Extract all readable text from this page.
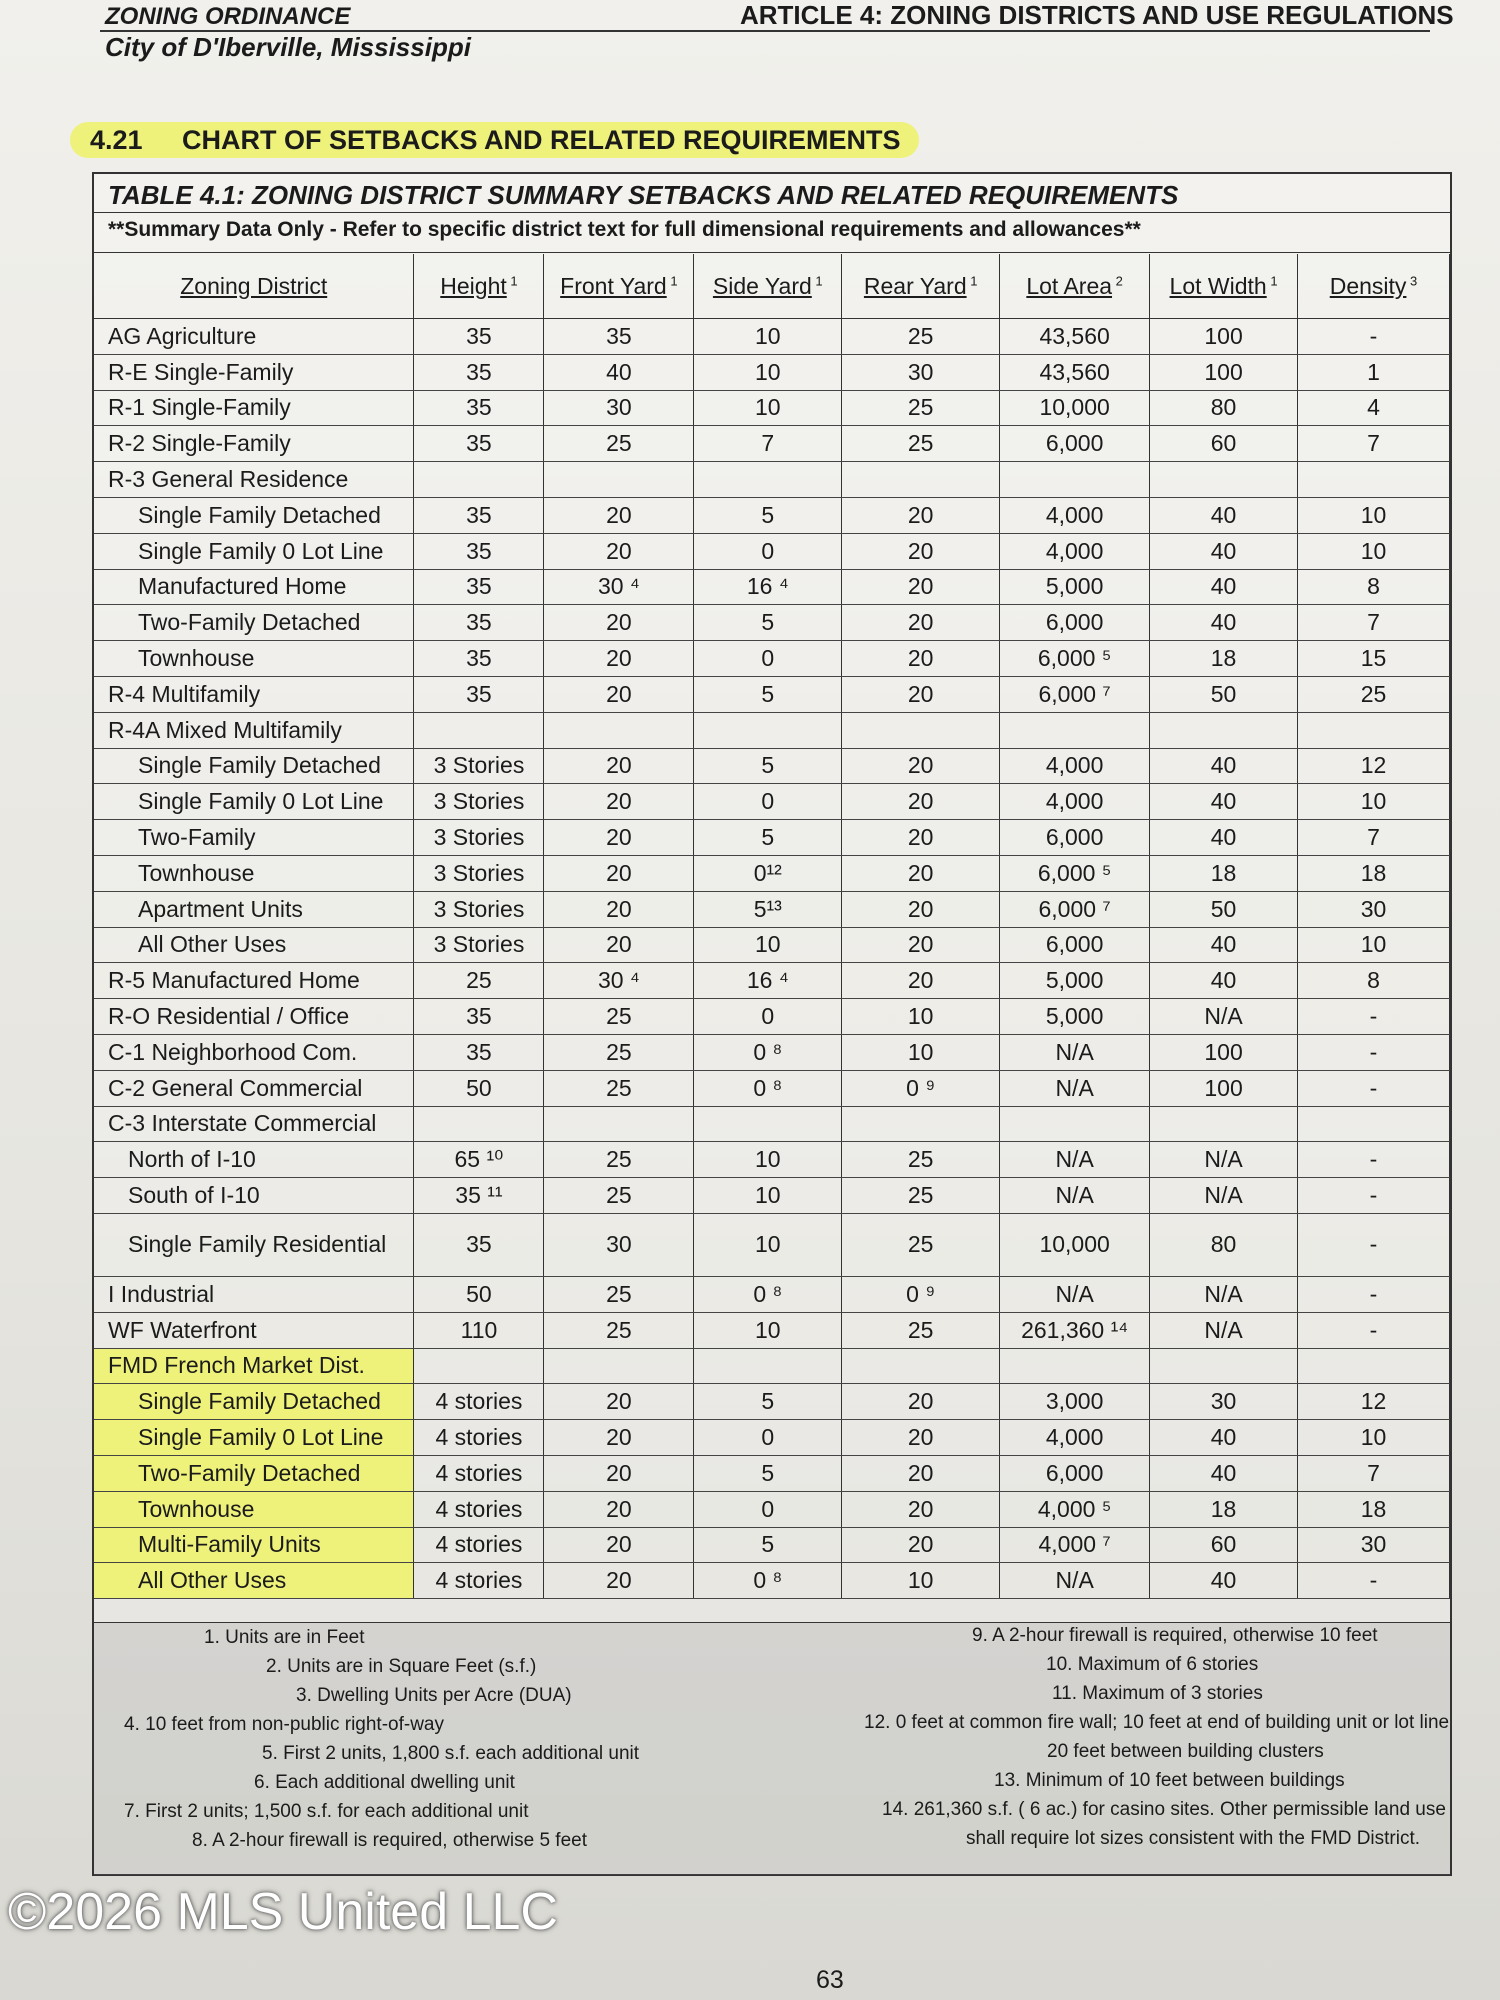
ZONING ORDINANCE
City of D'Iberville, Mississippi
ARTICLE 4: ZONING DISTRICTS AND USE REGULATIONS
4.21 CHART OF SETBACKS AND RELATED REQUIREMENTS
TABLE 4.1: ZONING DISTRICT SUMMARY SETBACKS AND RELATED REQUIREMENTS
**Summary Data Only - Refer to specific district text for full dimensional requirements and allowances**
Zoning District	Height $^1$	Front Yard $^1$	Side Yard $^1$	Rear Yard $^1$	Lot Area $^2$	Lot Width $^1$	Density $^3$
AG Agriculture	35	35	10	25	43,560	100	-
R-E Single-Family	35	40	10	30	43,560	100	1
R-1 Single-Family	35	30	10	25	10,000	80	4
R-2 Single-Family	35	25	7	25	6,000	60	7
R-3 General Residence							
Single Family Detached	35	20	5	20	4,000	40	10
Single Family 0 Lot Line	35	20	0	20	4,000	40	10
Manufactured Home	35	30 ⁴	16 ⁴	20	5,000	40	8
Two-Family Detached	35	20	5	20	6,000	40	7
Townhouse	35	20	0	20	6,000 ⁵	18	15
R-4 Multifamily	35	20	5	20	6,000 ⁷	50	25
R-4A Mixed Multifamily							
Single Family Detached	3 Stories	20	5	20	4,000	40	12
Single Family 0 Lot Line	3 Stories	20	0	20	4,000	40	10
Two-Family	3 Stories	20	5	20	6,000	40	7
Townhouse	3 Stories	20	0¹²	20	6,000 ⁵	18	18
Apartment Units	3 Stories	20	5¹³	20	6,000 ⁷	50	30
All Other Uses	3 Stories	20	10	20	6,000	40	10
R-5 Manufactured Home	25	30 ⁴	16 ⁴	20	5,000	40	8
R-O Residential / Office	35	25	0	10	5,000	N/A	-
C-1 Neighborhood Com.	35	25	0 ⁸	10	N/A	100	-
C-2 General Commercial	50	25	0 ⁸	0 ⁹	N/A	100	-
C-3 Interstate Commercial							
North of I-10	65 ¹⁰	25	10	25	N/A	N/A	-
South of I-10	35 ¹¹	25	10	25	N/A	N/A	-
Single Family Residential	35	30	10	25	10,000	80	-
I Industrial	50	25	0 ⁸	0 ⁹	N/A	N/A	-
WF Waterfront	110	25	10	25	261,360 ¹⁴	N/A	-
FMD French Market Dist.							
Single Family Detached	4 stories	20	5	20	3,000	30	12
Single Family 0 Lot Line	4 stories	20	0	20	4,000	40	10
Two-Family Detached	4 stories	20	5	20	6,000	40	7
Townhouse	4 stories	20	0	20	4,000 ⁵	18	18
Multi-Family Units	4 stories	20	5	20	4,000 ⁷	60	30
All Other Uses	4 stories	20	0 ⁸	10	N/A	40	-
1. Units are in Feet
2. Units are in Square Feet (s.f.)
3. Dwelling Units per Acre (DUA)
4. 10 feet from non-public right-of-way
5. First 2 units, 1,800 s.f. each additional unit
6. Each additional dwelling unit
7. First 2 units; 1,500 s.f. for each additional unit
8. A 2-hour firewall is required, otherwise 5 feet
9. A 2-hour firewall is required, otherwise 10 feet
10. Maximum of 6 stories
11. Maximum of 3 stories
12. 0 feet at common fire wall; 10 feet at end of building unit or lot line
20 feet between building clusters
13. Minimum of 10 feet between buildings
14. 261,360 s.f. ( 6 ac.) for casino sites. Other permissible land use
shall require lot sizes consistent with the FMD District.
©2026 MLS United LLC
63
